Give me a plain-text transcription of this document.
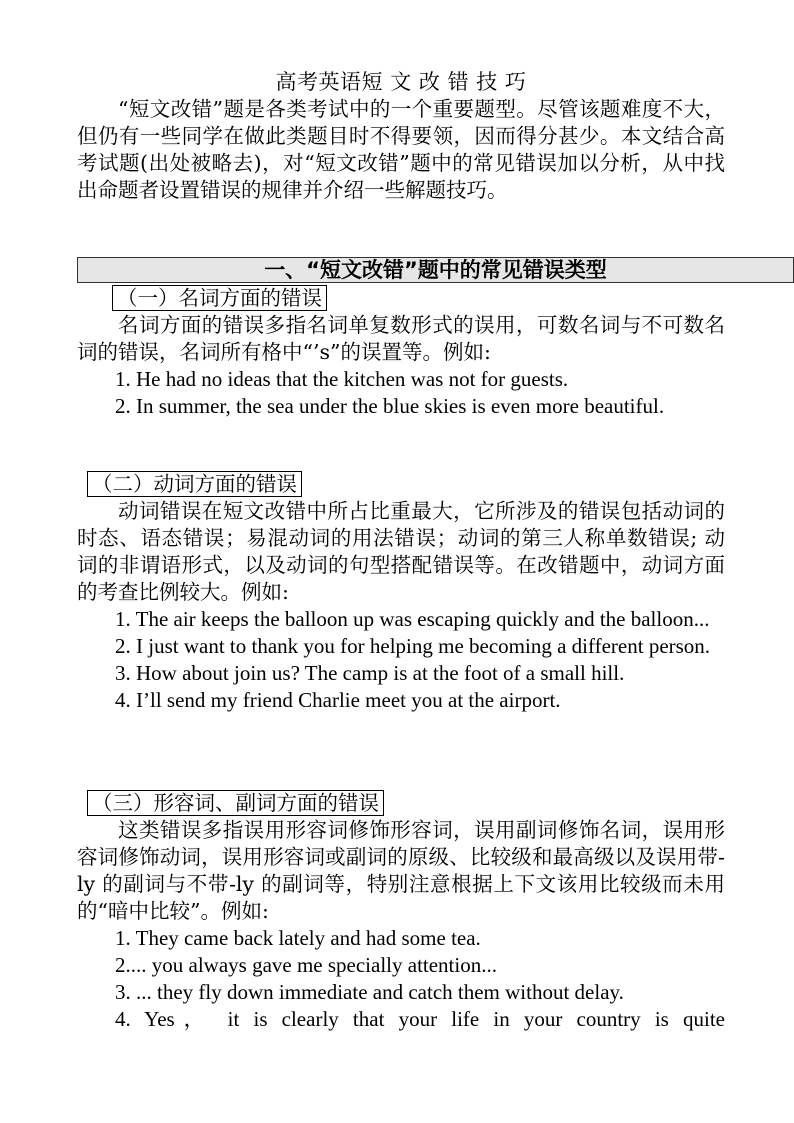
高考英语短 文 改 错 技 巧

“短文改错”题是各类考试中的一个重要题型。尽管该题难度不大，但仍有一些同学在做此类题目时不得要领，因而得分甚少。本文结合高考试题(出处被略去)，对“短文改错”题中的常见错误加以分析，从中找出命题者设置错误的规律并介绍一些解题技巧。

一、“短文改错”题中的常见错误类型
（一）名词方面的错误

名词方面的错误多指名词单复数形式的误用，可数名词与不可数名词的错误，名词所有格中“’s”的误置等。例如:

1. He had no ideas that the kitchen was not for guests.

2. In summer, the sea under the blue skies is even more beautiful.

（二）动词方面的错误

动词错误在短文改错中所占比重最大，它所涉及的错误包括动词的时态、语态错误；易混动词的用法错误；动词的第三人称单数错误; 动词的非谓语形式，以及动词的句型搭配错误等。在改错题中，动词方面的考查比例较大。例如:

1. The air keeps the balloon up was escaping quickly and the balloon...

2. I just want to thank you for helping me becoming a different person.

3. How about join us? The camp is at the foot of a small hill.

4. I’ll send my friend Charlie meet you at the airport.

（三）形容词、副词方面的错误

这类错误多指误用形容词修饰形容词，误用副词修饰名词，误用形容词修饰动词，误用形容词或副词的原级、比较级和最高级以及误用带-ly 的副词与不带-ly 的副词等，特别注意根据上下文该用比较级而未用的“暗中比较”。例如:

1. They came back lately and had some tea.

2.... you always gave me specially attention...

3. ... they fly down immediate and catch them without delay.

4. Yes， it is clearly that your life in your country is quite
